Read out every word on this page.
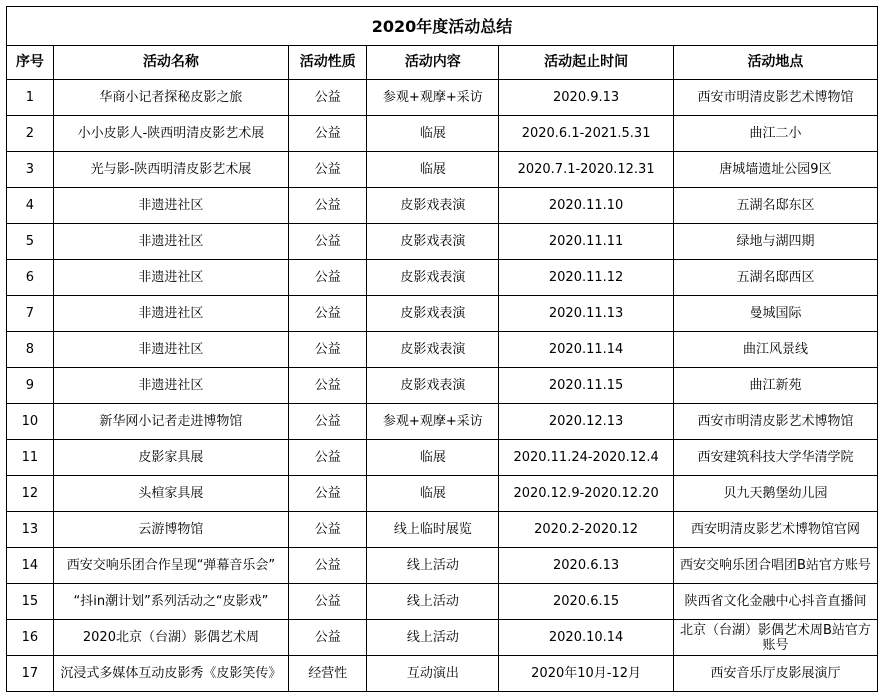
2020年度活动总结					
序号	活动名称	活动性质	活动内容	活动起止时间	活动地点
1	华商小记者探秘皮影之旅	公益	参观+观摩+采访	2020.9.13	西安市明清皮影艺术博物馆
2	小小皮影人-陕西明清皮影艺术展	公益	临展	2020.6.1-2021.5.31	曲江二小
3	光与影-陕西明清皮影艺术展	公益	临展	2020.7.1-2020.12.31	唐城墙遗址公园9区
4	非遗进社区	公益	皮影戏表演	2020.11.10	五湖名邸东区
5	非遗进社区	公益	皮影戏表演	2020.11.11	绿地与湖四期
6	非遗进社区	公益	皮影戏表演	2020.11.12	五湖名邸西区
7	非遗进社区	公益	皮影戏表演	2020.11.13	曼城国际
8	非遗进社区	公益	皮影戏表演	2020.11.14	曲江风景线
9	非遗进社区	公益	皮影戏表演	2020.11.15	曲江新苑
10	新华网小记者走进博物馆	公益	参观+观摩+采访	2020.12.13	西安市明清皮影艺术博物馆
11	皮影家具展	公益	临展	2020.11.24-2020.12.4	西安建筑科技大学华清学院
12	头楦家具展	公益	临展	2020.12.9-2020.12.20	贝九天鹅堡幼儿园
13	云游博物馆	公益	线上临时展览	2020.2-2020.12	西安明清皮影艺术博物馆官网
14	西安交响乐团合作呈现“弹幕音乐会”	公益	线上活动	2020.6.13	西安交响乐团合唱团B站官方账号
15	“抖in潮计划”系列活动之“皮影戏”	公益	线上活动	2020.6.15	陕西省文化金融中心抖音直播间
16	2020北京（台湖）影偶艺术周	公益	线上活动	2020.10.14	北京（台湖）影偶艺术周B站官方账号
17	沉浸式多媒体互动皮影秀《皮影笑传》	经营性	互动演出	2020年10月-12月	西安音乐厅皮影展演厅
